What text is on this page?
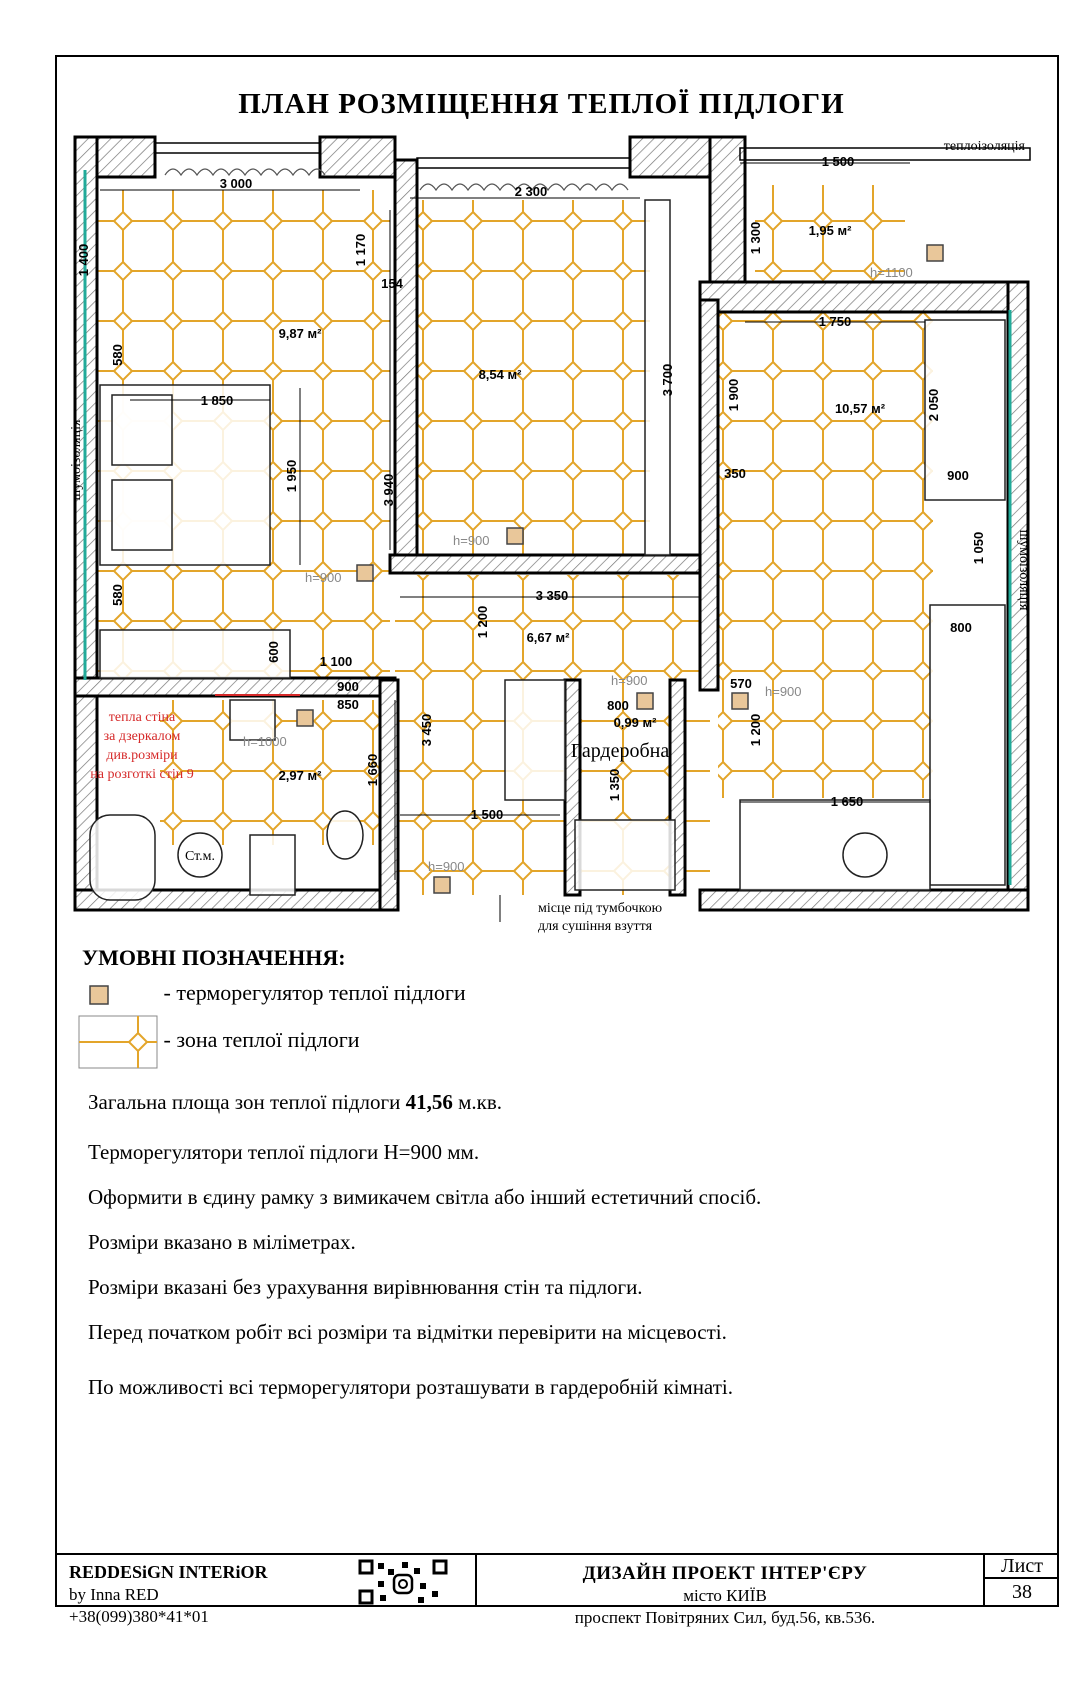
ПЛАН РОЗМІЩЕННЯ ТЕПЛОЇ ПІДЛОГИ
Ст.м.
3 000
2 300
1 500
1 400	1 170
154
9,87 м²
580
1 850
1 950	3 940
580
600	1 100
900
850
8,54 м²	3 700
1 300	1,95 м²
1 750
1 900	10,57 м²	2 050
350	900
1 050
3 350
1 200	6,67 м²
800
570
0,99 м²	1 200
3 450
1 660
2,97 м²
1 500
1 350
800
1 650
h=1100
h=900
h=900
h=900
h=900
h=1000
h=900
теплоізоляція
шумоізоляція
шумоізоляція
Гардеробна
тепла стіна
за дзеркалом
див.розміри
на розготкі стін 9
місце під тумбочкою
для сушіння взуття
УМОВНІ ПОЗНАЧЕННЯ:
- терморегулятор теплої підлоги
- зона теплої підлоги
Загальна площа зон теплої підлоги 41,56 м.кв.
Терморегулятори теплої підлоги Н=900 мм.
Оформити в єдину рамку з вимикачем світла або інший естетичний спосіб.
Розміри вказано в міліметрах.
Розміри вказані без урахування вирівнювання стін та підлоги.
Перед початком робіт всі розміри та відмітки перевірити на місцевості.
По можливості всі терморегулятори розташувати в гардеробній кімнаті.
REDDESiGN INTERiOR
by Inna RED
+38(099)380*41*01
ДИЗАЙН ПРОЕКТ ІНТЕР'ЄРУ
місто КИЇВ
проспект Повітряних Сил, буд.56, кв.536.
Лист
38
